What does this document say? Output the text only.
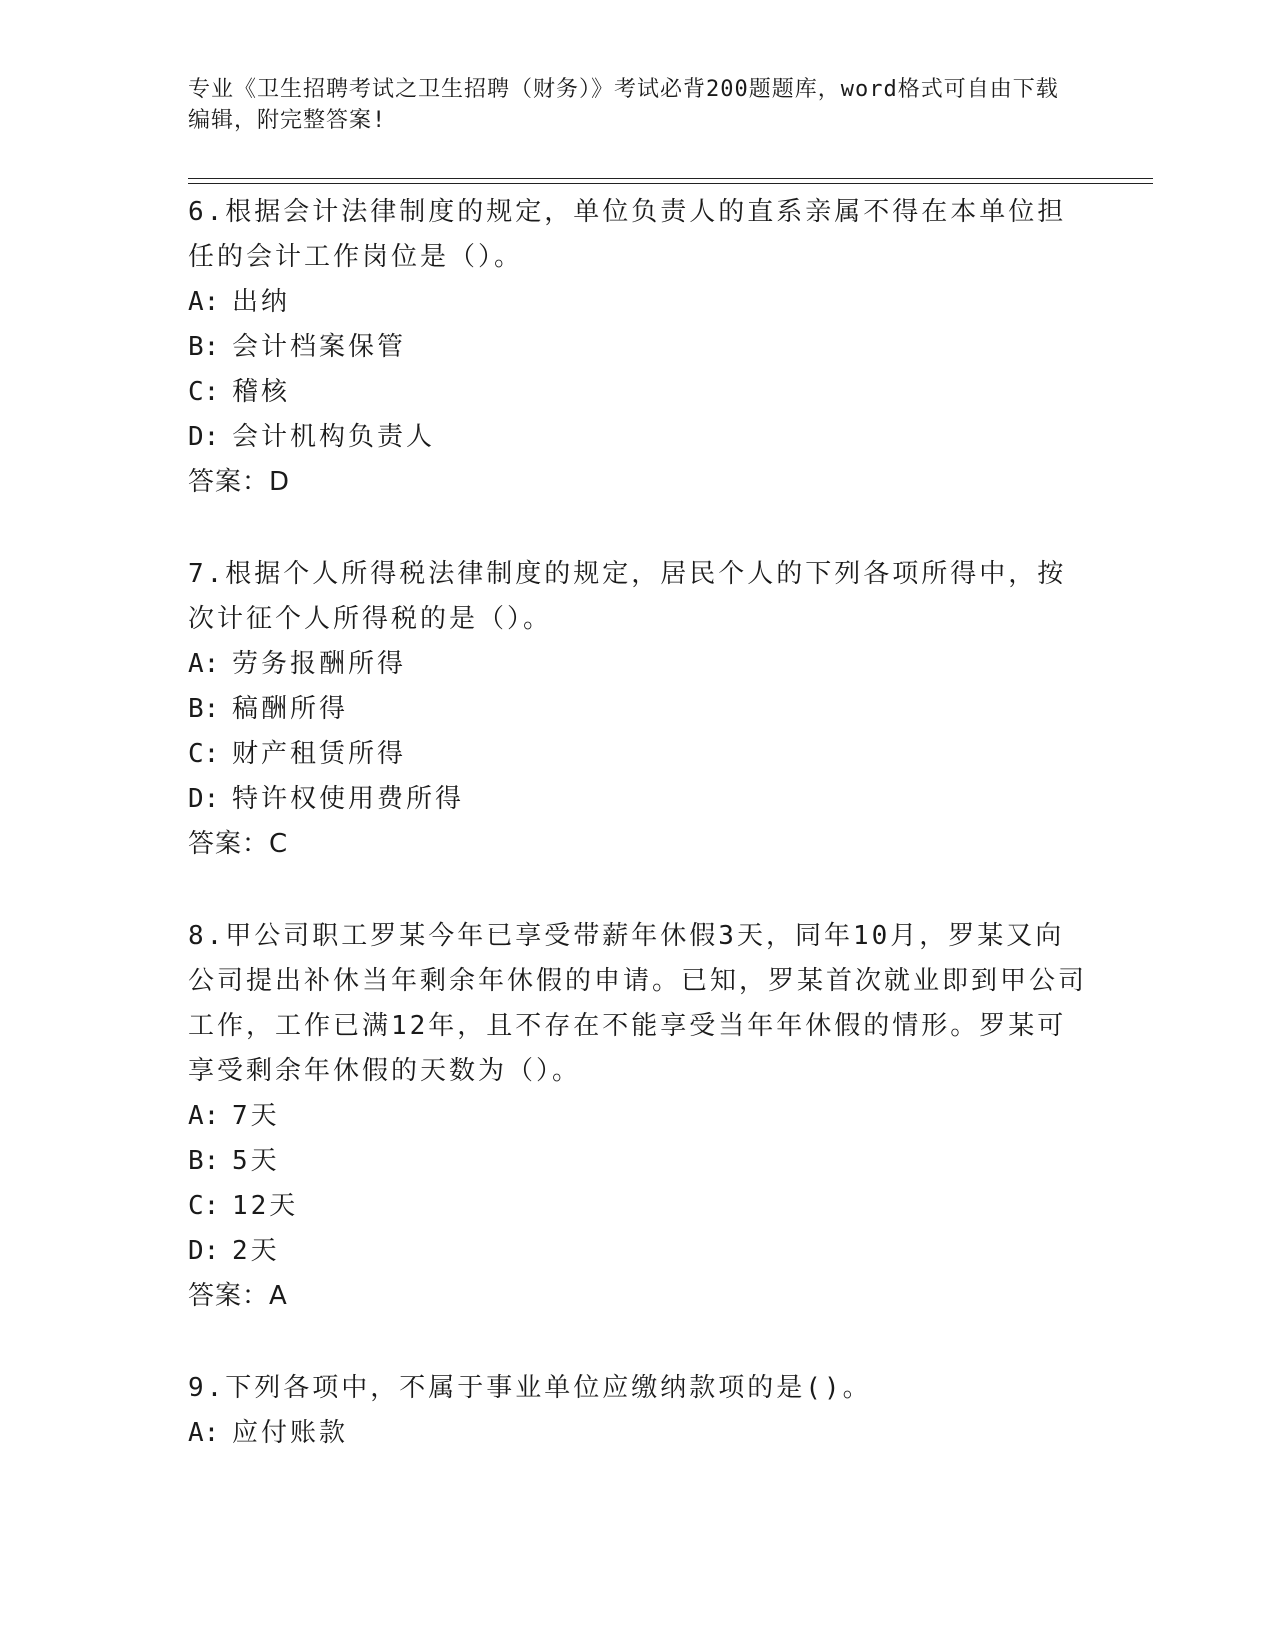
专业《卫生招聘考试之卫生招聘（财务）》考试必背200题题库，word格式可自由下载编辑，附完整答案!
6.根据会计法律制度的规定，单位负责人的直系亲属不得在本单位担任的会计工作岗位是（）。
A: 出纳
B: 会计档案保管
C: 稽核
D: 会计机构负责人
答案：D
7.根据个人所得税法律制度的规定，居民个人的下列各项所得中，按次计征个人所得税的是（）。
A: 劳务报酬所得
B: 稿酬所得
C: 财产租赁所得
D: 特许权使用费所得
答案：C
8.甲公司职工罗某今年已享受带薪年休假3天，同年10月，罗某又向公司提出补休当年剩余年休假的申请。已知，罗某首次就业即到甲公司工作，工作已满12年，且不存在不能享受当年年休假的情形。罗某可享受剩余年休假的天数为（）。
A: 7天
B: 5天
C: 12天
D: 2天
答案：A
9.下列各项中，不属于事业单位应缴纳款项的是()。
A: 应付账款
